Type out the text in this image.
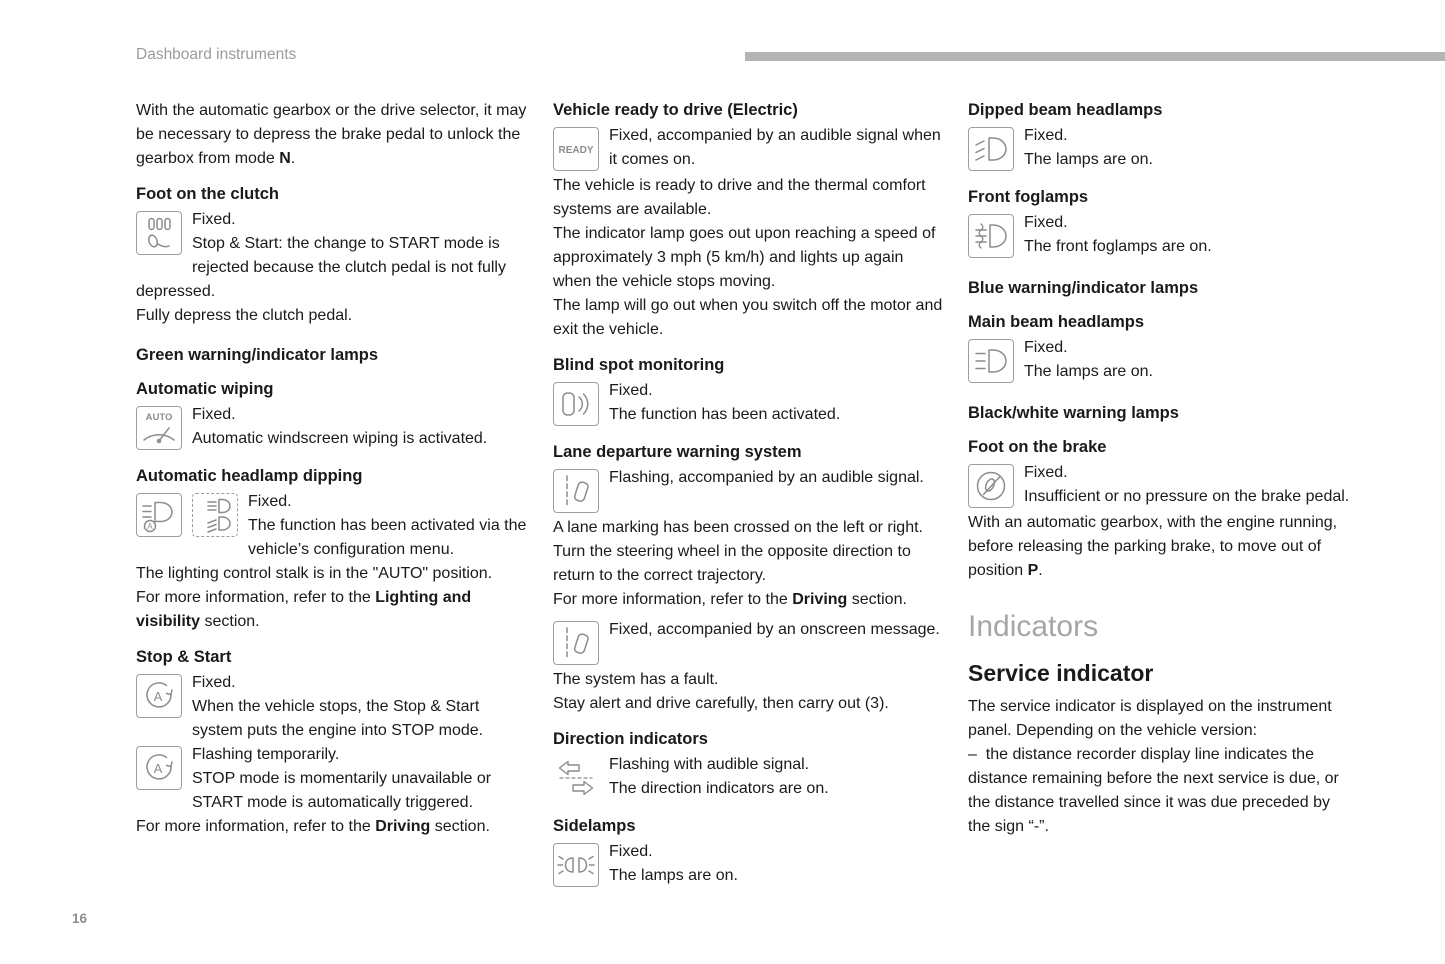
Dashboard instruments

With the automatic gearbox or the drive selector, it may be necessary to depress the brake pedal to unlock the gearbox from mode N.

Foot on the clutch

Fixed.
Stop & Start: the change to START mode is rejected because the clutch pedal is not fully depressed.

Fully depress the clutch pedal.

Green warning/indicator lamps
Automatic wiping
AUTO	Fixed.
Automatic windscreen wiping is activated.

Automatic headlamp dipping
A

Fixed.
The function has been activated via the vehicle’s configuration menu.

The lighting control stalk is in the "AUTO" position.

For more information, refer to the Lighting and visibility section.

Stop & Start
A

Fixed.
When the vehicle stops, the Stop & Start system puts the engine into STOP mode.

A

Flashing temporarily.
STOP mode is momentarily unavailable or START mode is automatically triggered.

For more information, refer to the Driving section.

Vehicle ready to drive (Electric)
READY

Fixed, accompanied by an audible signal when it comes on.

The vehicle is ready to drive and the thermal comfort systems are available.

The indicator lamp goes out upon reaching a speed of approximately 3 mph (5 km/h) and lights up again when the vehicle stops moving.

The lamp will go out when you switch off the motor and exit the vehicle.

Blind spot monitoring

Fixed.
The function has been activated.

Lane departure warning system

Flashing, accompanied by an audible signal.

A lane marking has been crossed on the left or right.

Turn the steering wheel in the opposite direction to return to the correct trajectory.

For more information, refer to the Driving section.

Fixed, accompanied by an onscreen message.

The system has a fault.

Stay alert and drive carefully, then carry out (3).

Direction indicators

Flashing with audible signal.
The direction indicators are on.

Sidelamps

Fixed.
The lamps are on.

Dipped beam headlamps

Fixed.
The lamps are on.

Front foglamps

Fixed.
The front foglamps are on.

Blue warning/indicator lamps
Main beam headlamps

Fixed.
The lamps are on.

Black/white warning lamps
Foot on the brake

Fixed.
Insufficient or no pressure on the brake pedal.

With an automatic gearbox, with the engine running, before releasing the parking brake, to move out of position P.

Indicators
Service indicator

The service indicator is displayed on the instrument panel. Depending on the vehicle version:

–  the distance recorder display line indicates the distance remaining before the next service is due, or the distance travelled since it was due preceded by the sign “-”.

16
